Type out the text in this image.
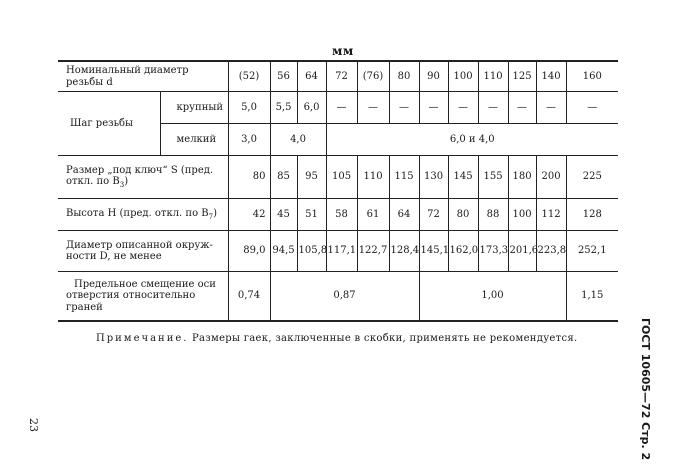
мм
Номинальный диаметр резьбы d		(52)	56	64	72	(76)	80	90	100	110	125	140	160
Шаг резьбы	крупный	5,0	5,5	6,0	—	—	—	—	—	—	—	—	—
	мелкий	3,0	4,0		6,0 и 4,0								

Размер „под ключ“ S (пред.
откл. по $B_3$)		80	85	95	105	110	115	130	145	155	180	200	225
Высота H (пред. откл. по $B_7$)		42	45	51	58	61	64	72	80	88	100	112	128

Диаметр описанной окруж-
ности D, не менее		89,0	94,5	105,8	117,1	122,7	128,4	145,1	162,0	173,3	201,6	223,8	252,1

Предельное смещение оси
отверстия относительно граней		0,74	0,87					1,00					1,15
Примечание. Размеры гаек, заключенные в скобки, применять не рекомендуется.	ГОСТ 10605—72 Стр. 2
23
